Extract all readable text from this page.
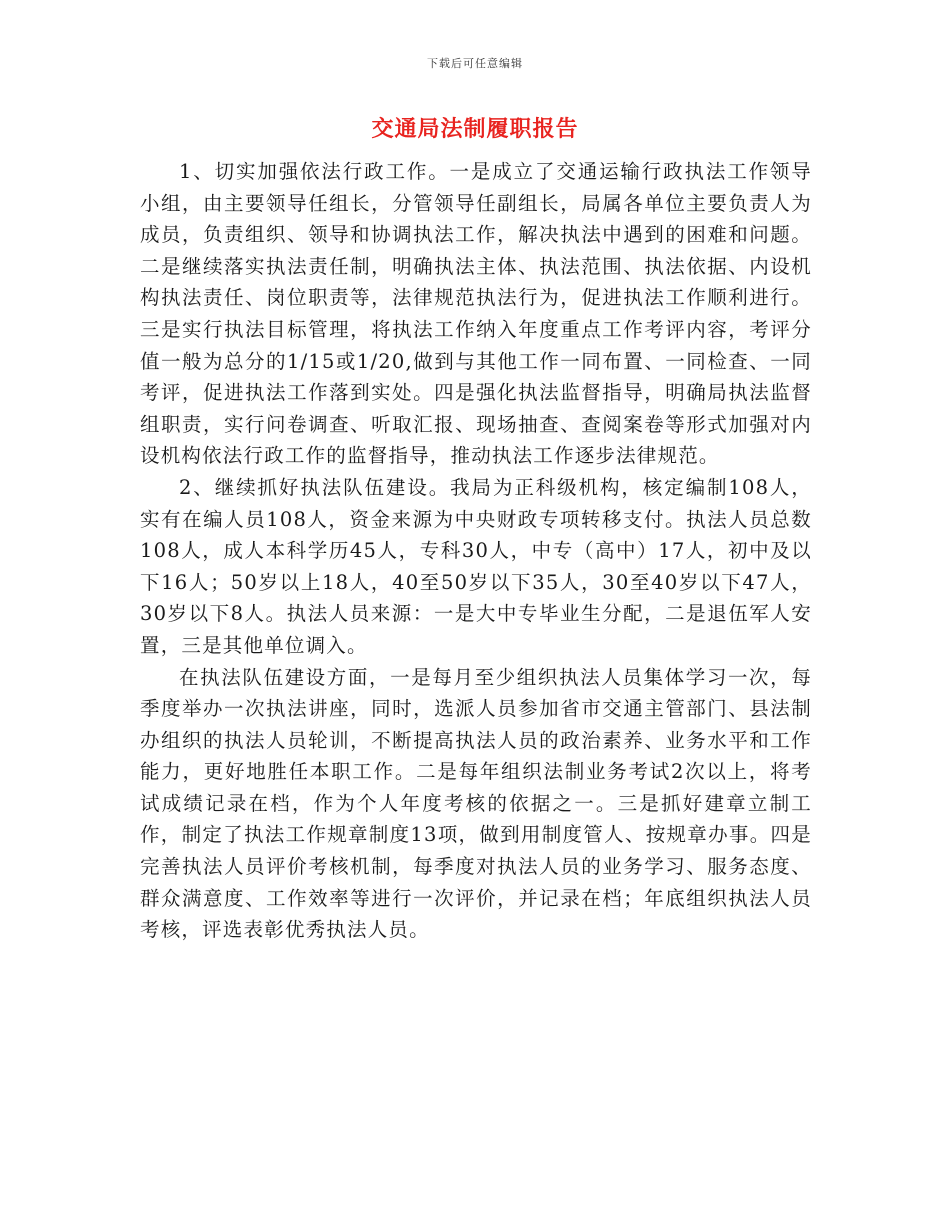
下载后可任意编辑
交通局法制履职报告

1、切实加强依法行政工作。一是成立了交通运输行政执法工作领导小组，由主要领导任组长，分管领导任副组长，局属各单位主要负责人为成员，负责组织、领导和协调执法工作，解决执法中遇到的困难和问题。二是继续落实执法责任制，明确执法主体、执法范围、执法依据、内设机构执法责任、岗位职责等，法律规范执法行为，促进执法工作顺利进行。三是实行执法目标管理，将执法工作纳入年度重点工作考评内容，考评分值一般为总分的1/15或1/20,做到与其他工作一同布置、一同检查、一同考评，促进执法工作落到实处。四是强化执法监督指导，明确局执法监督组职责，实行问卷调查、听取汇报、现场抽查、查阅案卷等形式加强对内设机构依法行政工作的监督指导，推动执法工作逐步法律规范。

2、继续抓好执法队伍建设。我局为正科级机构，核定编制108人，实有在编人员108人，资金来源为中央财政专项转移支付。执法人员总数108人，成人本科学历45人，专科30人，中专（高中）17人，初中及以下16人；50岁以上18人，40至50岁以下35人，30至40岁以下47人，30岁以下8人。执法人员来源：一是大中专毕业生分配，二是退伍军人安置，三是其他单位调入。

在执法队伍建设方面，一是每月至少组织执法人员集体学习一次，每季度举办一次执法讲座，同时，选派人员参加省市交通主管部门、县法制办组织的执法人员轮训，不断提高执法人员的政治素养、业务水平和工作能力，更好地胜任本职工作。二是每年组织法制业务考试2次以上，将考试成绩记录在档，作为个人年度考核的依据之一。三是抓好建章立制工作，制定了执法工作规章制度13项，做到用制度管人、按规章办事。四是完善执法人员评价考核机制，每季度对执法人员的业务学习、服务态度、群众满意度、工作效率等进行一次评价，并记录在档；年底组织执法人员考核，评选表彰优秀执法人员。
